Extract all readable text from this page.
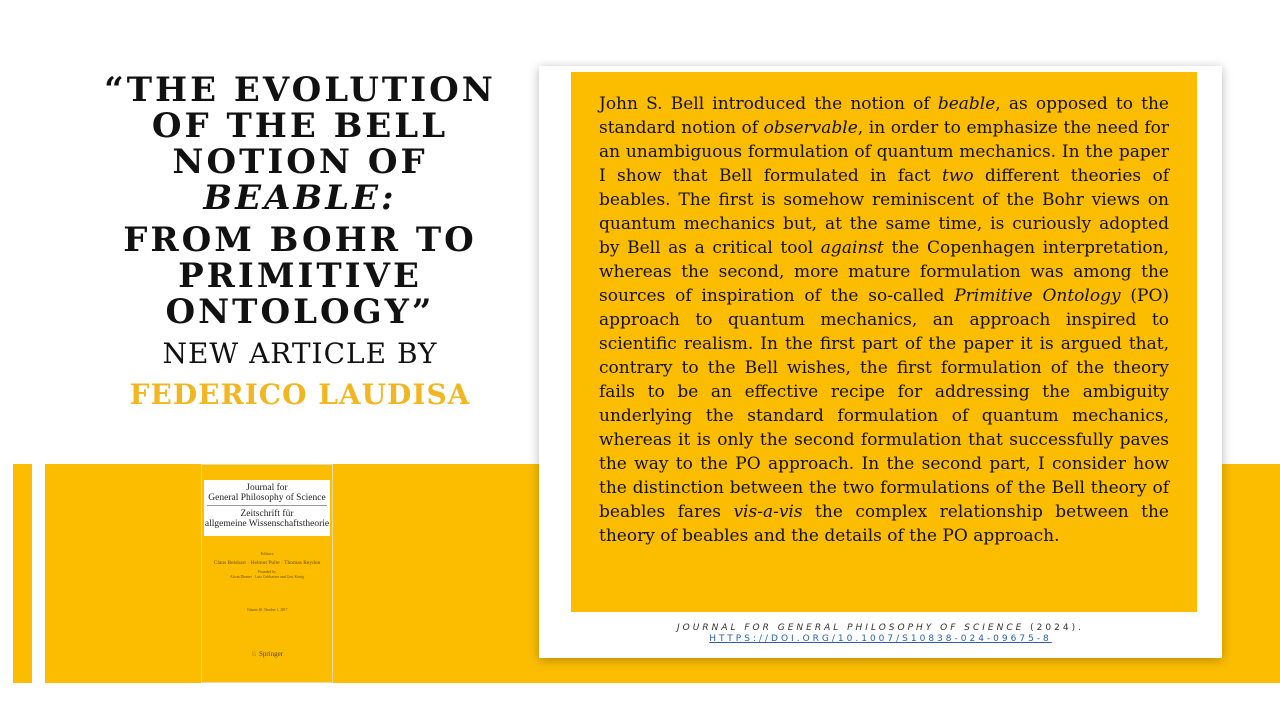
“THE EVOLUTION
OF THE BELL
NOTION OF
BEABLE:
FROM BOHR TO
PRIMITIVE
ONTOLOGY”
NEW ARTICLE BY
FEDERICO LAUDISA
Journal for
General Philosophy of Science
Zeitschrift für
allgemeine Wissenschaftstheorie
Editors
Claus Beisbart · Helmut Pulte · Thomas Reydon
Founded by
Alwin Diemer · Lutz Geldsetzer und Gert König
Volume 48, Number 1, 2017
♘ Springer

John S. Bell introduced the notion of beable, as opposed to the standard notion of observable, in order to emphasize the need for an unambiguous formulation of quantum mechanics. In the paper I show that Bell formulated in fact two different theories of beables. The first is somehow reminiscent of the Bohr views on quantum mechanics but, at the same time, is curiously adopted by Bell as a critical tool against the Copenhagen interpretation, whereas the second, more mature formulation was among the sources of inspiration of the so-called Primitive Ontology (PO) approach to quantum mechanics, an approach inspired to scientific realism. In the first part of the paper it is argued that, contrary to the Bell wishes, the first formulation of the theory fails to be an effective recipe for addressing the ambiguity underlying the standard formulation of quantum mechanics, whereas it is only the second formulation that successfully paves the way to the PO approach. In the second part, I consider how the distinction between the two formulations of the Bell theory of beables fares vis-a-vis the complex relationship between the theory of beables and the details of the PO approach.

JOURNAL FOR GENERAL PHILOSOPHY OF SCIENCE (2024).
HTTPS://DOI.ORG/10.1007/S10838-024-09675-8
